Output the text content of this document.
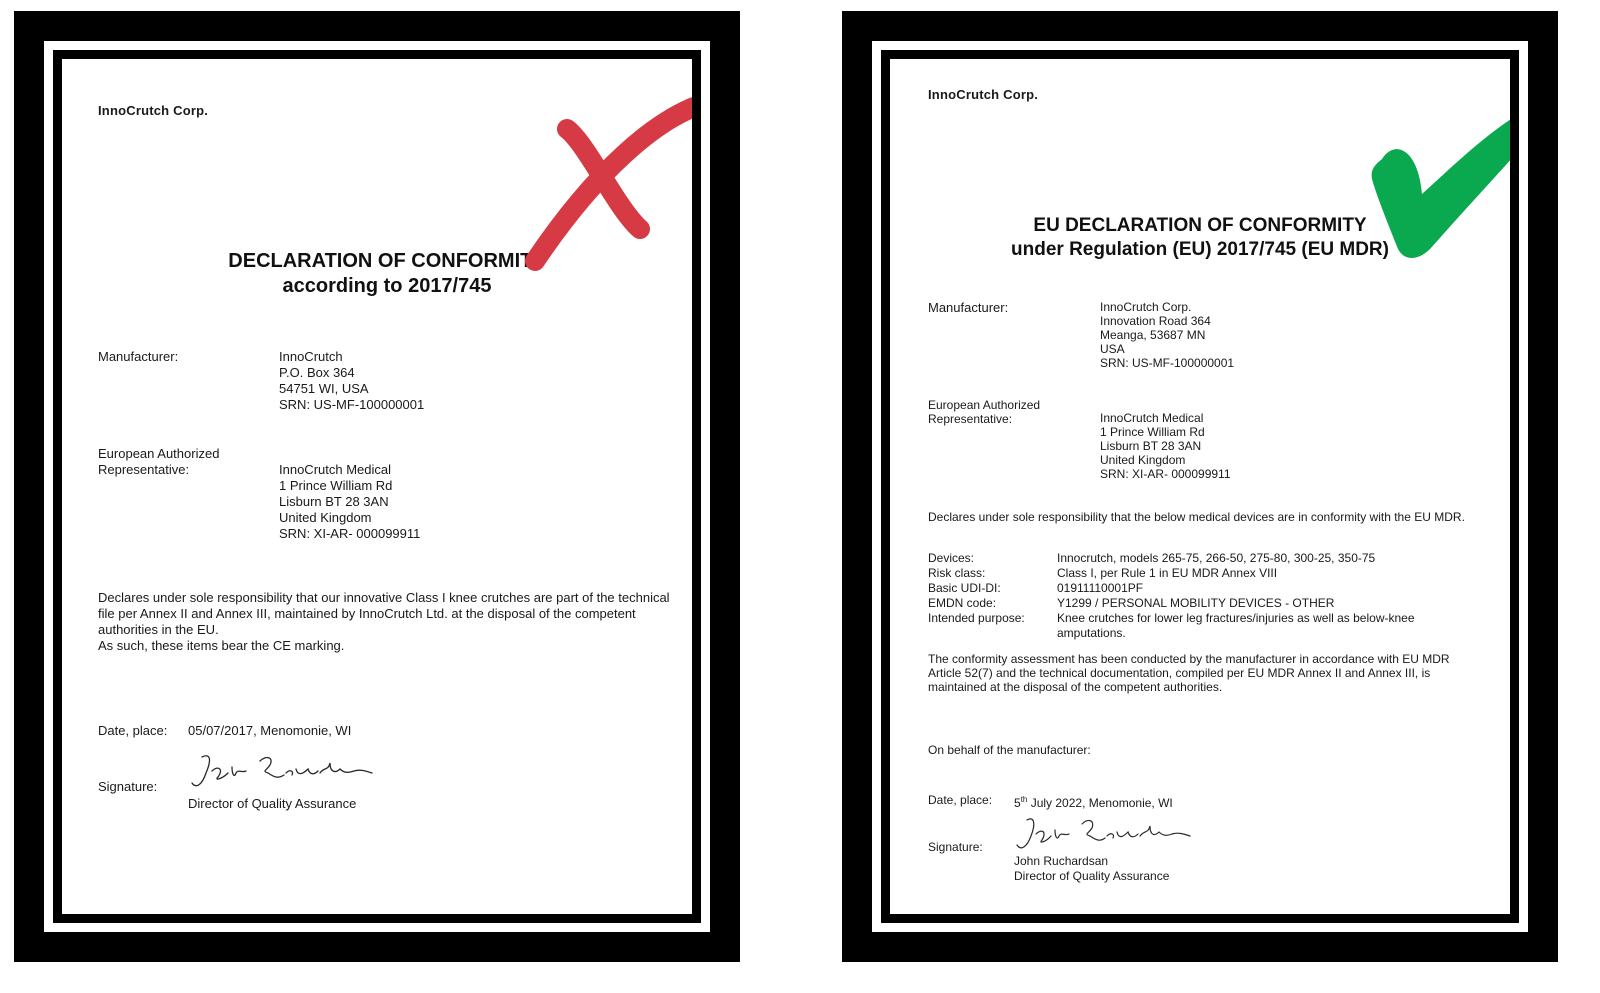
InnoCrutch Corp.
DECLARATION OF CONFORMITY
according to 2017/745
Manufacturer:	InnoCrutch
P.O. Box 364
54751 WI, USA
SRN: US-MF-100000001
European Authorized
Representative:	InnoCrutch Medical
1 Prince William Rd
Lisburn BT 28 3AN
United Kingdom
SRN: XI-AR- 000099911
Declares under sole responsibility that our innovative Class I knee crutches are part of the technical
file per Annex II and Annex III, maintained by InnoCrutch Ltd. at the disposal of the competent
authorities in the EU.
As such, these items bear the CE marking.
Date, place: 05/07/2017, Menomonie, WI
Signature:
Director of Quality Assurance
InnoCrutch Corp.
EU DECLARATION OF CONFORMITY
under Regulation (EU) 2017/745 (EU MDR)
Manufacturer:	InnoCrutch Corp.
Innovation Road 364
Meanga, 53687 MN
USA
SRN: US-MF-100000001
European Authorized
Representative:	InnoCrutch Medical
1 Prince William Rd
Lisburn BT 28 3AN
United Kingdom
SRN: XI-AR- 000099911
Declares under sole responsibility that the below medical devices are in conformity with the EU MDR.
Devices:	Innocrutch, models 265-75, 266-50, 275-80, 300-25, 350-75
Risk class:	Class I, per Rule 1 in EU MDR Annex VIII
Basic UDI-DI:	01911110001PF
EMDN code:	Y1299 / PERSONAL MOBILITY DEVICES - OTHER
Intended purpose:	Knee crutches for lower leg fractures/injuries as well as below-knee
amputations.
The conformity assessment has been conducted by the manufacturer in accordance with EU MDR
Article 52(7) and the technical documentation, compiled per EU MDR Annex II and Annex III, is
maintained at the disposal of the competent authorities.
On behalf of the manufacturer:
Date, place: 5th July 2022, Menomonie, WI
Signature:
John Ruchardsan
Director of Quality Assurance
